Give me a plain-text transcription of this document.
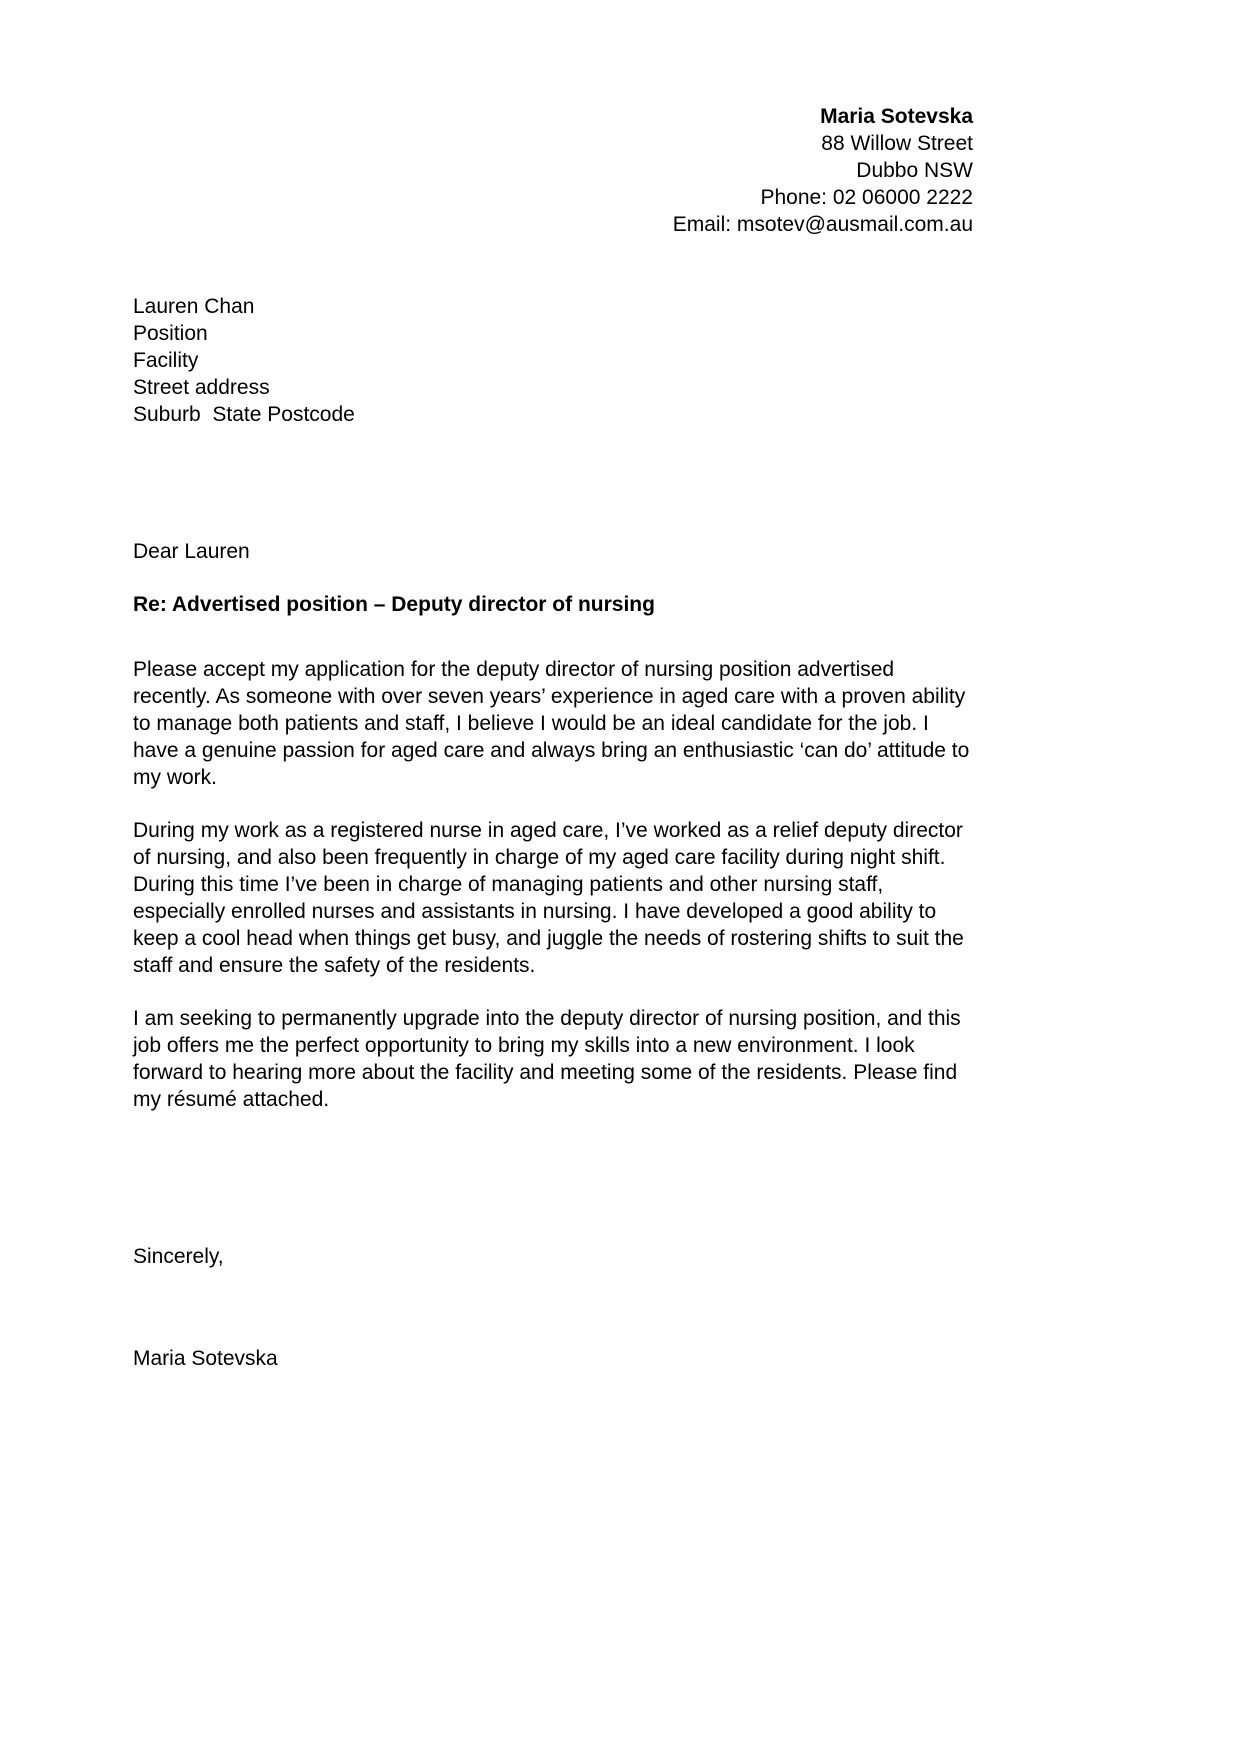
Maria Sotevska
88 Willow Street
Dubbo NSW
Phone: 02 06000 2222
Email: msotev@ausmail.com.au
Lauren Chan
Position
Facility
Street address
Suburb  State Postcode
Dear Lauren
Re: Advertised position – Deputy director of nursing

Please accept my application for the deputy director of nursing position advertised recently. As someone with over seven years’ experience in aged care with a proven ability to manage both patients and staff, I believe I would be an ideal candidate for the job. I have a genuine passion for aged care and always bring an enthusiastic ‘can do’ attitude to my work.

During my work as a registered nurse in aged care, I’ve worked as a relief deputy director of nursing, and also been frequently in charge of my aged care facility during night shift. During this time I’ve been in charge of managing patients and other nursing staff, especially enrolled nurses and assistants in nursing. I have developed a good ability to keep a cool head when things get busy, and juggle the needs of rostering shifts to suit the staff and ensure the safety of the residents.

I am seeking to permanently upgrade into the deputy director of nursing position, and this job offers me the perfect opportunity to bring my skills into a new environment. I look forward to hearing more about the facility and meeting some of the residents. Please find my résumé attached.

Sincerely,
Maria Sotevska
